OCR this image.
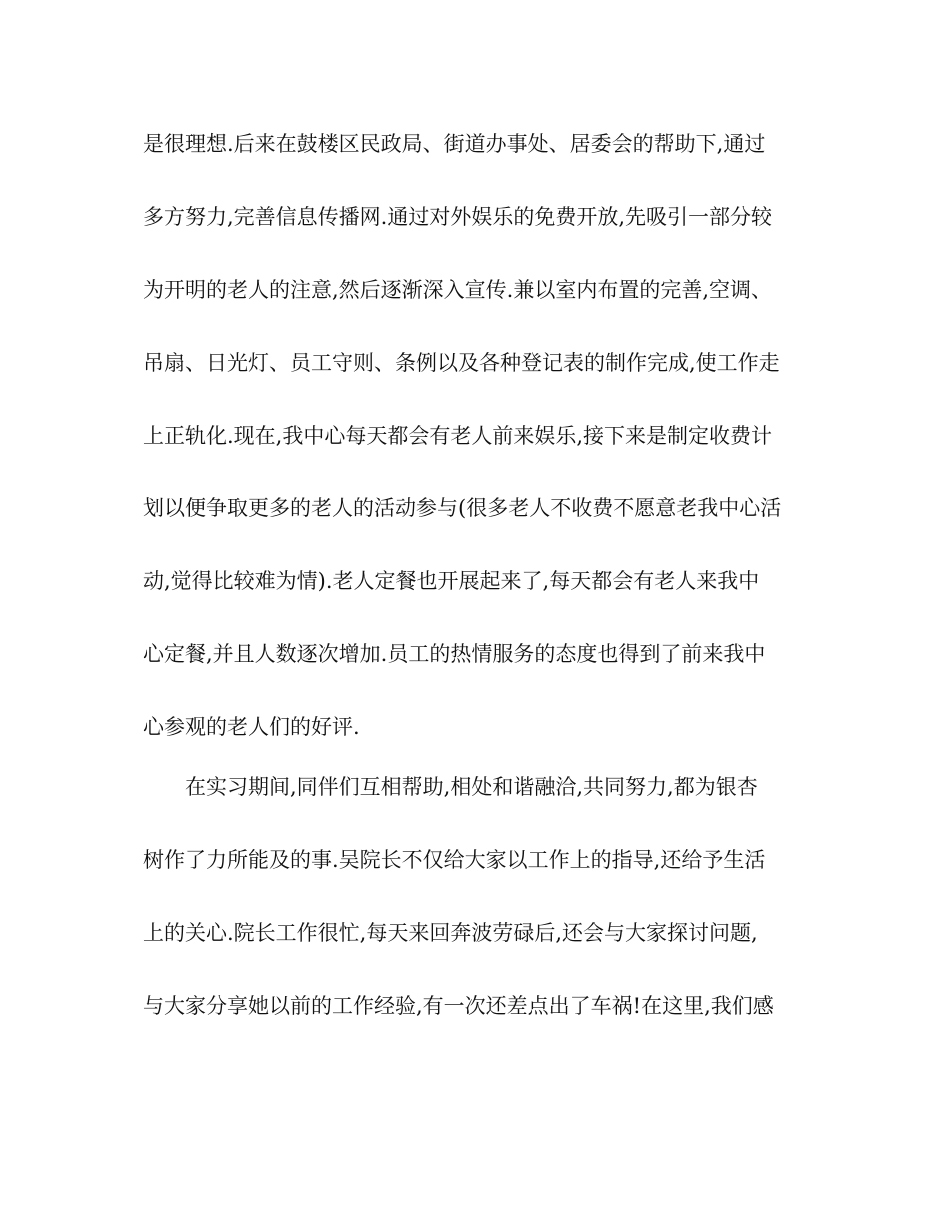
是很理想.后来在鼓楼区民政局、街道办事处、居委会的帮助下,通过
多方努力,完善信息传播网.通过对外娱乐的免费开放,先吸引一部分较
为开明的老人的注意,然后逐渐深入宣传.兼以室内布置的完善,空调、
吊扇、日光灯、员工守则、条例以及各种登记表的制作完成,使工作走
上正轨化.现在,我中心每天都会有老人前来娱乐,接下来是制定收费计
划以便争取更多的老人的活动参与(很多老人不收费不愿意老我中心活
动,觉得比较难为情).老人定餐也开展起来了,每天都会有老人来我中
心定餐,并且人数逐次增加.员工的热情服务的态度也得到了前来我中
心参观的老人们的好评.
在实习期间,同伴们互相帮助,相处和谐融洽,共同努力,都为银杏
树作了力所能及的事.吴院长不仅给大家以工作上的指导,还给予生活
上的关心.院长工作很忙,每天来回奔波劳碌后,还会与大家探讨问题,
与大家分享她以前的工作经验,有一次还差点出了车祸!在这里,我们感
